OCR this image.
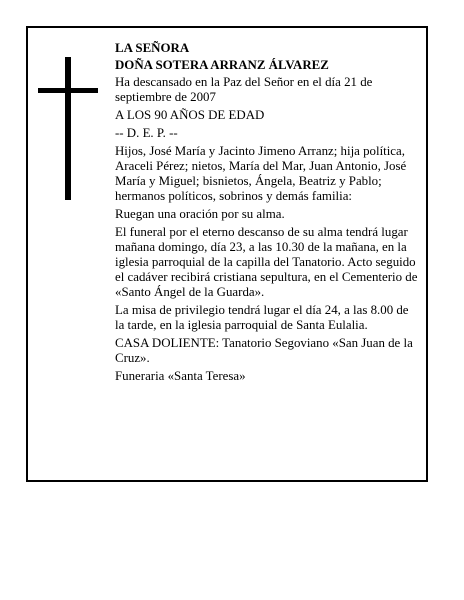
LA SEÑORA

DOÑA SOTERA ARRANZ ÁLVAREZ

Ha descansado en la Paz del Señor en el día 21 de septiembre de 2007

A LOS 90 AÑOS DE EDAD

-- D. E. P. --

Hijos, José María y Jacinto Jimeno Arranz; hija política, Araceli Pérez; nietos, María del Mar, Juan Antonio, José María y Miguel; bisnietos, Ángela, Beatriz y Pablo; hermanos políticos, sobrinos y demás familia:

Ruegan una oración por su alma.

El funeral por el eterno descanso de su alma tendrá lugar mañana domingo, día 23, a las 10.30 de la mañana, en la iglesia parroquial de la capilla del Tanatorio. Acto seguido el cadáver recibirá cristiana sepultura, en el Cementerio de «Santo Ángel de la Guarda».

La misa de privilegio tendrá lugar el día 24, a las 8.00 de la tarde, en la iglesia parroquial de Santa Eulalia.

CASA DOLIENTE: Tanatorio Segoviano «San Juan de la Cruz».

Funeraria «Santa Teresa»
